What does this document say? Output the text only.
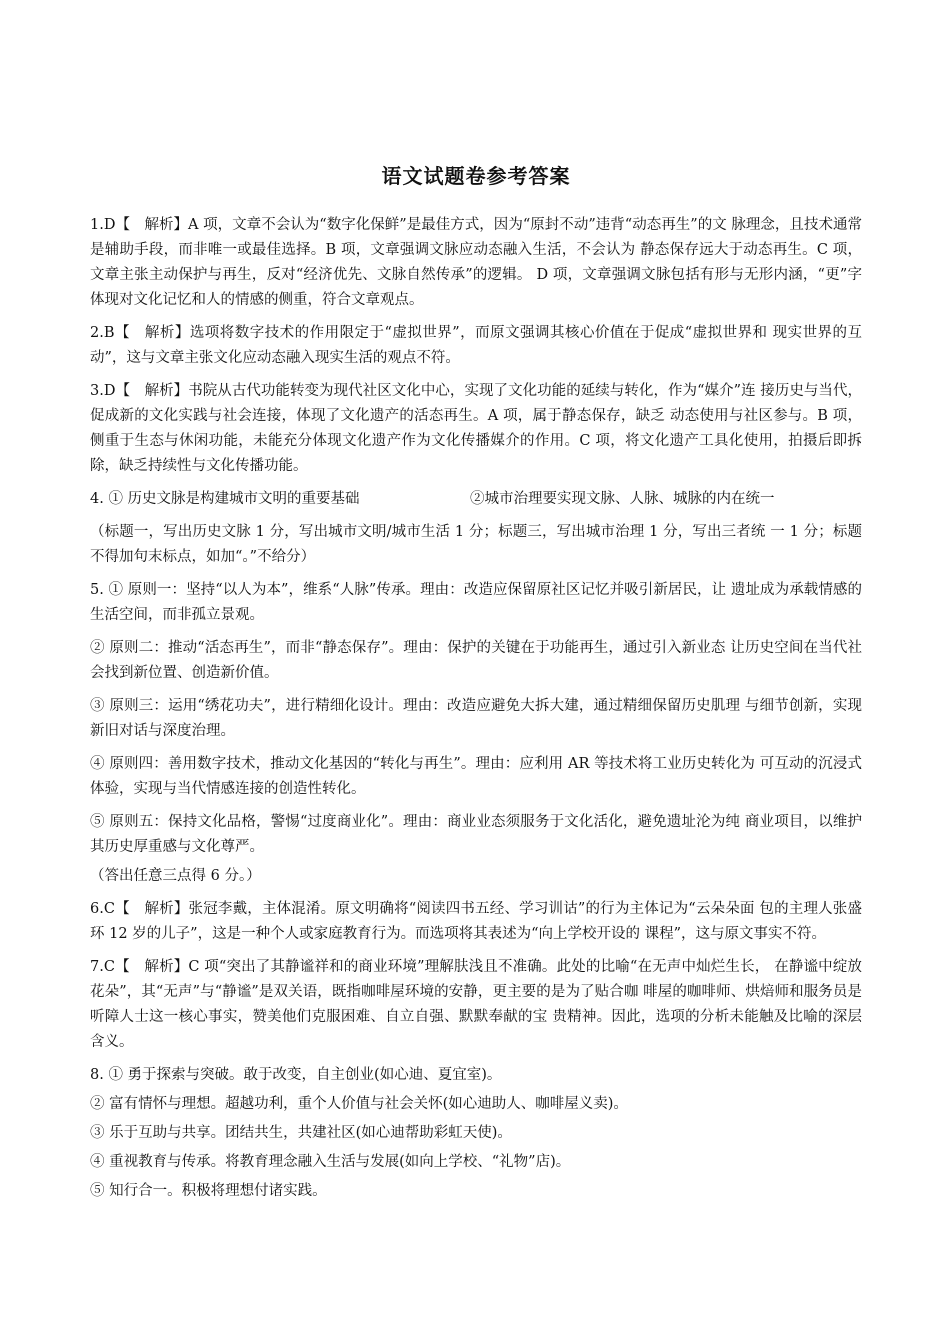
语文试题卷参考答案

1.D【　解析】A 项，文章不会认为“数字化保鲜”是最佳方式，因为“原封不动”违背“动态再生”的文 脉理念，且技术通常是辅助手段，而非唯一或最佳选择。B 项，文章强调文脉应动态融入生活，不会认为 静态保存远大于动态再生。C 项，文章主张主动保护与再生，反对“经济优先、文脉自然传承”的逻辑。 D 项，文章强调文脉包括有形与无形内涵，“更”字体现对文化记忆和人的情感的侧重，符合文章观点。

2.B【　解析】选项将数字技术的作用限定于“虚拟世界”，而原文强调其核心价值在于促成“虚拟世界和 现实世界的互动”，这与文章主张文化应动态融入现实生活的观点不符。

3.D【　解析】书院从古代功能转变为现代社区文化中心，实现了文化功能的延续与转化，作为“媒介”连 接历史与当代，促成新的文化实践与社会连接，体现了文化遗产的活态再生。A 项，属于静态保存，缺乏 动态使用与社区参与。B 项，侧重于生态与休闲功能，未能充分体现文化遗产作为文化传播媒介的作用。C 项，将文化遗产工具化使用，拍摄后即拆除，缺乏持续性与文化传播功能。

4. ① 历史文脉是构建城市文明的重要基础	②城市治理要实现文脉、人脉、城脉的内在统一

（标题一，写出历史文脉 1 分，写出城市文明/城市生活 1 分；标题三，写出城市治理 1 分，写出三者统 一 1 分；标题不得加句末标点，如加“。”不给分）

5. ① 原则一：坚持“以人为本”，维系“人脉”传承。理由：改造应保留原社区记忆并吸引新居民，让 遗址成为承载情感的生活空间，而非孤立景观。

② 原则二：推动“活态再生”，而非“静态保存”。理由：保护的关键在于功能再生，通过引入新业态 让历史空间在当代社会找到新位置、创造新价值。

③ 原则三：运用“绣花功夫”，进行精细化设计。理由：改造应避免大拆大建，通过精细保留历史肌理 与细节创新，实现新旧对话与深度治理。

④ 原则四：善用数字技术，推动文化基因的“转化与再生”。理由：应利用 AR 等技术将工业历史转化为 可互动的沉浸式体验，实现与当代情感连接的创造性转化。

⑤ 原则五：保持文化品格，警惕“过度商业化”。理由：商业业态须服务于文化活化，避免遗址沦为纯 商业项目，以维护其历史厚重感与文化尊严。

（答出任意三点得 6 分。）

6.C【　解析】张冠李戴，主体混淆。原文明确将“阅读四书五经、学习训诂”的行为主体记为“云朵朵面 包的主理人张盛环 12 岁的儿子”，这是一种个人或家庭教育行为。而选项将其表述为“向上学校开设的 课程”，这与原文事实不符。

7.C【　解析】C 项“突出了其静谧祥和的商业环境”理解肤浅且不准确。此处的比喻“在无声中灿烂生长， 在静谧中绽放花朵”，其“无声”与“静谧”是双关语，既指咖啡屋环境的安静，更主要的是为了贴合咖 啡屋的咖啡师、烘焙师和服务员是听障人士这一核心事实，赞美他们克服困难、自立自强、默默奉献的宝 贵精神。因此，选项的分析未能触及比喻的深层含义。

8. ① 勇于探索与突破。敢于改变，自主创业(如心迪、夏宜室)。

② 富有情怀与理想。超越功利，重个人价值与社会关怀(如心迪助人、咖啡屋义卖)。

③ 乐于互助与共享。团结共生，共建社区(如心迪帮助彩虹天使)。

④ 重视教育与传承。将教育理念融入生活与发展(如向上学校、“礼物”店)。

⑤ 知行合一。积极将理想付诸实践。
